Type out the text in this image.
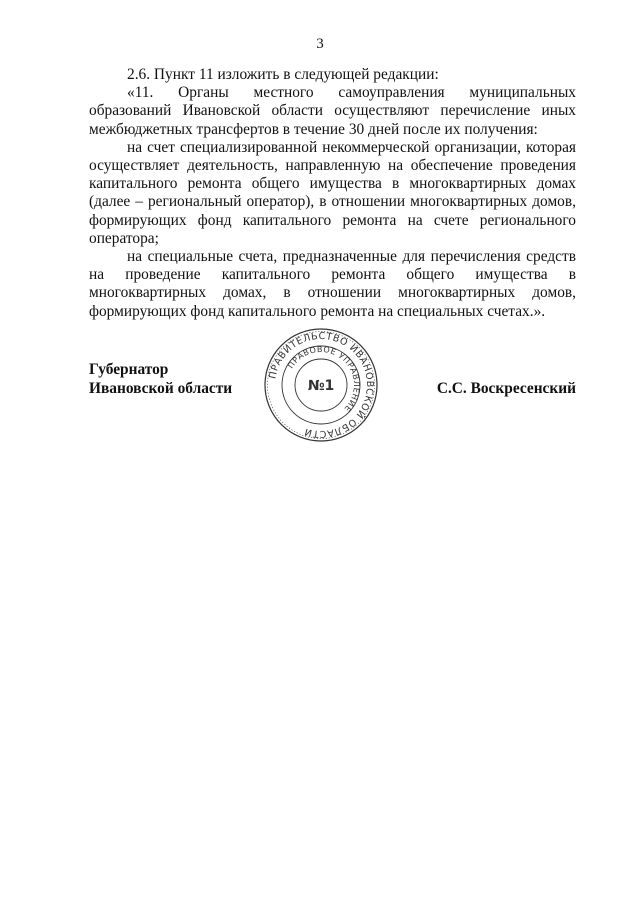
3

2.6. Пункт 11 изложить в следующей редакции:

«11. Органы местного самоуправления муниципальных образований Ивановской области осуществляют перечисление иных межбюджетных трансфертов в течение 30 дней после их получения:

на счет специализированной некоммерческой организации, которая осуществляет деятельность, направленную на обеспечение проведения капитального ремонта общего имущества в многоквартирных домах (далее – региональный оператор), в отношении многоквартирных домов, формирующих фонд капитального ремонта на счете регионального оператора;

на специальные счета, предназначенные для перечисления средств на проведение капитального ремонта общего имущества в многоквартирных домах, в отношении многоквартирных домов, формирующих фонд капитального ремонта на специальных счетах.».

Губернатор
Ивановской области
ПРАВИТЕЛЬСТВО ИВАНОВСКОЙ ОБЛАСТИ
ПРАВОВОЕ УПРАВЛЕНИЕ
№1	С.С. Воскресенский
